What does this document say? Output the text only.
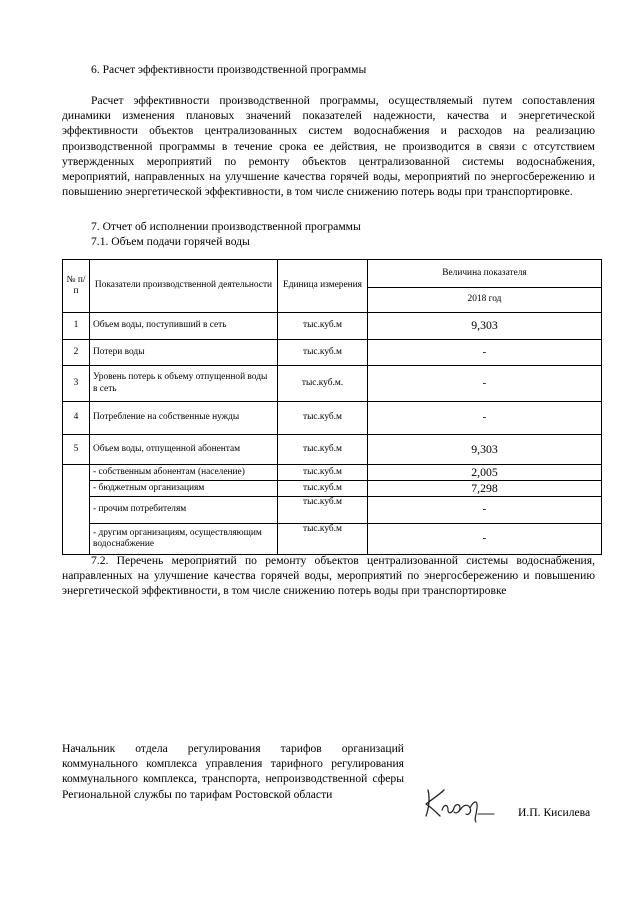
6. Расчет эффективности производственной программы
Расчет эффективности производственной программы, осуществляемый путем сопоставления динамики изменения плановых значений показателей надежности, качества и энергетической эффективности объектов централизованных систем водоснабжения и расходов на реализацию производственной программы в течение срока ее действия, не производится в связи с отсутствием утвержденных мероприятий по ремонту объектов централизованной системы водоснабжения, мероприятий, направленных на улучшение качества горячей воды, мероприятий по энергосбережению и повышению энергетической эффективности, в том числе снижению потерь воды при транспортировке.
7. Отчет об исполнении производственной программы
7.1. Объем подачи горячей воды
№ п/п	Показатели производственной деятельности	Единица измерения	Величина показателя
			2018 год
1	Объем воды, поступивший в сеть	тыс.куб.м	9,303
2	Потери воды	тыс.куб.м	-
3	Уровень потерь к объему отпущенной воды в сеть	тыс.куб.м.	-
4	Потребление на собственные нужды	тыс.куб.м	-
5	Объем воды, отпущенной абонентам	тыс.куб.м	9,303
	- собственным абонентам (население)	тыс.куб.м	2,005
	- бюджетным организациям	тыс.куб.м	7,298
	- прочим потребителям	тыс.куб.м	-
	- другим организациям, осуществляющим водоснабжение	тыс.куб.м	-
7.2. Перечень мероприятий по ремонту объектов централизованной системы водоснабжения, направленных на улучшение качества горячей воды, мероприятий по энергосбережению и повышению энергетической эффективности, в том числе снижению потерь воды при транспортировке
Начальник отдела регулирования тарифов организаций коммунального комплекса управления тарифного регулирования коммунального комплекса, транспорта, непроизводственной сферы Региональной службы по тарифам Ростовской области
И.П. Кисилева
